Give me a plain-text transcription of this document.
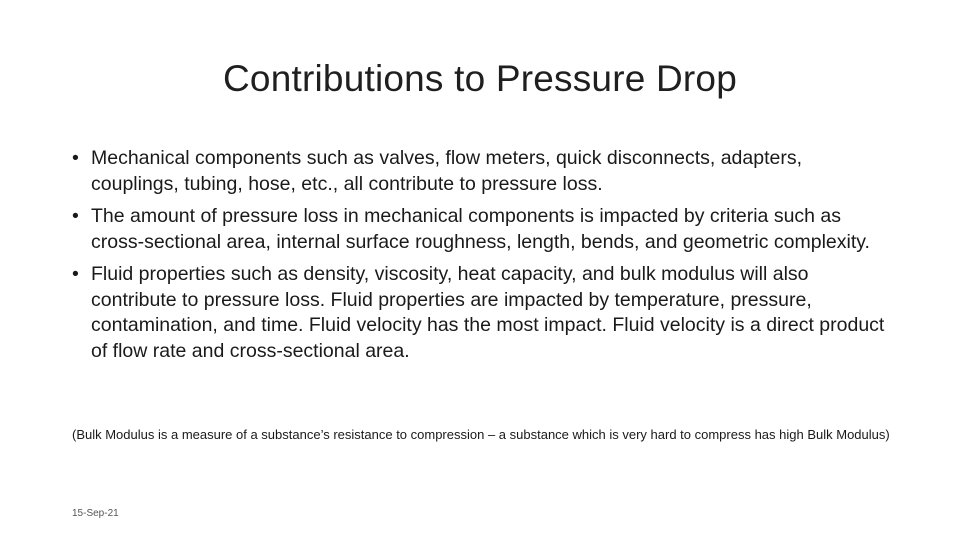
Contributions to Pressure Drop
• Mechanical components such as valves, flow meters, quick disconnects, adapters, couplings, tubing, hose, etc., all contribute to pressure loss.
• The amount of pressure loss in mechanical components is impacted by criteria such as cross-sectional area, internal surface roughness, length, bends, and geometric complexity.
• Fluid properties such as density, viscosity, heat capacity, and bulk modulus will also contribute to pressure loss. Fluid properties are impacted by temperature, pressure, contamination, and time. Fluid velocity has the most impact. Fluid velocity is a direct product of flow rate and cross-sectional area.
(Bulk Modulus is a measure of a substance’s resistance to compression – a substance which is very hard to compress has high Bulk Modulus)
15-Sep-21
